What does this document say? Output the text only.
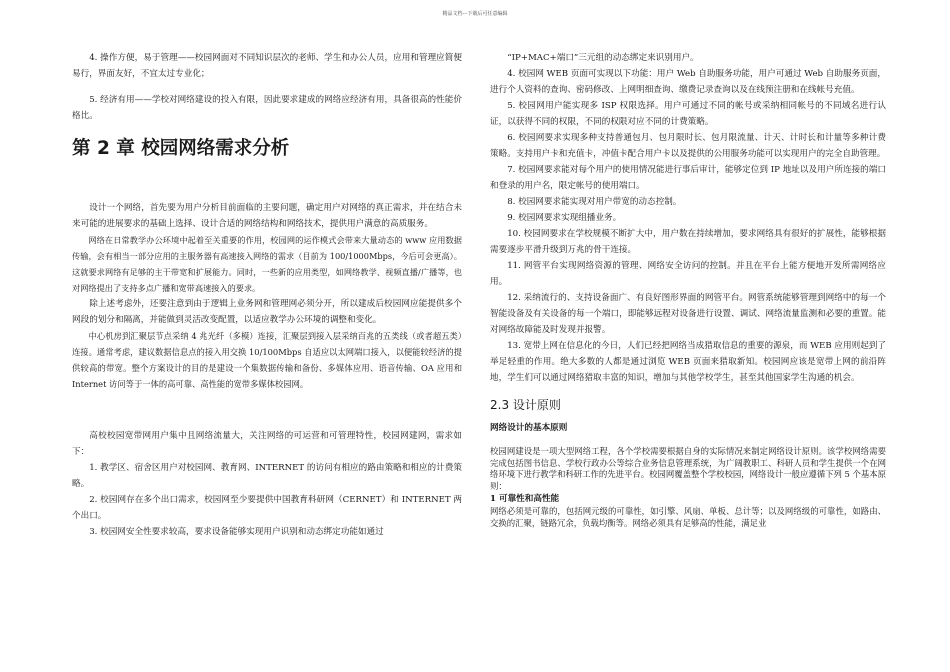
精品文档---下载后可任意编辑

4. 操作方便，易于管理——校园网面对不同知识层次的老师、学生和办公人员，应用和管理应简便易行，界面友好，不宜太过专业化；

5. 经济有用——学校对网络建设的投入有限，因此要求建成的网络应经济有用，具备很高的性能价格比。

第 2 章 校园网络需求分析

设计一个网络，首先要为用户分析目前面临的主要问题，确定用户对网络的真正需求，并在结合未来可能的进展要求的基础上选择、设计合适的网络结构和网络技术，提供用户满意的高质服务。

网络在日常教学办公环境中起着至关重要的作用，校园网的运作模式会带来大量动态的 www 应用数据传输，会有相当一部分应用的主服务器有高速接入网络的需求（目前为 100/1000Mbps，今后可会更高）。这就要求网络有足够的主干带宽和扩展能力。同时，一些新的应用类型，如网络教学、视频直播/广播等，也对网络提出了支持多点广播和宽带高速接入的要求。

除上述考虑外，还要注意到由于逻辑上业务网和管理网必须分开，所以建成后校园网应能提供多个网段的划分和隔离，并能做到灵活改变配置，以适应教学办公环境的调整和变化。

中心机房到汇聚层节点采纳 4 兆光纤（多模）连接，汇聚层到接入层采纳百兆的五类线（或者超五类）连接。通常考虑，建议数据信息点的接入用交换 10/100Mbps 自适应以太网端口接入，以便能较经济的提供较高的带宽。整个方案设计的目的是建设一个集数据传输和备份、多媒体应用、语音传输、OA 应用和 Internet 访问等于一体的高可靠、高性能的宽带多媒体校园网。

高校校园宽带网用户集中且网络流量大，关注网络的可运营和可管理特性，校园网建网，需求如下：

1. 教学区、宿舍区用户对校园网、教育网、INTERNET 的访问有相应的路由策略和相应的计费策略。

2. 校园网存在多个出口需求，校园网至少要提供中国教育科研网（CERNET）和 INTERNET 两个出口。

3. 校园网安全性要求较高，要求设备能够实现用户识别和动态绑定功能如通过

“IP+MAC+端口”三元组的动态绑定来识别用户。

4. 校园网 WEB 页面可实现以下功能：用户 Web 自助服务功能，用户可通过 Web 自助服务页面，进行个人资料的查询、密码修改、上网明细查询、缴费记录查询以及在线预注册和在线帐号充值。

5. 校园网用户能实现多 ISP 权限选择。用户可通过不同的帐号或采纳相同帐号的不同域名进行认证，以获得不同的权限，不同的权限对应不同的计费策略。

6. 校园网要求实现多种支持普通包月、包月限时长、包月限流量、计天、计时长和计量等多种计费策略。支持用户卡和充值卡，冲值卡配合用户卡以及提供的公用服务功能可以实现用户的完全自助管理。

7. 校园网要求能对每个用户的使用情况能进行事后审计，能够定位到 IP 地址以及用户所连接的端口和登录的用户名，限定帐号的使用端口。

8. 校园网要求能实现对用户带宽的动态控制。

9. 校园网要求实现组播业务。

10. 校园网要求在学校规模不断扩大中，用户数在持续增加，要求网络具有很好的扩展性，能够根据需要逐步平滑升级到万兆的骨干连接。

11. 网管平台实现网络资源的管理、网络安全访问的控制。并且在平台上能方便地开发所需网络应用。

12. 采纳流行的、支持设备面广、有良好图形界面的网管平台。网管系统能够管理到网络中的每一个智能设备及有关设备的每一个端口，即能够远程对设备进行设置、调试、网络流量监测和必要的重置。能对网络故障能及时发现并报警。

13. 宽带上网在信息化的今日，人们已经把网络当成猎取信息的重要的源泉，而 WEB 应用则起到了举足轻重的作用。绝大多数的人都是通过浏览 WEB 页面来猎取新知。校园网应该是宽带上网的前沿阵地，学生们可以通过网络猎取丰富的知识，增加与其他学校学生，甚至其他国家学生沟通的机会。

2.3 设计原则

网络设计的基本原则

校园网建设是一项大型网络工程，各个学校需要根据自身的实际情况来制定网络设计原则。该学校网络需要完成包括图书信息、学校行政办公等综合业务信息管理系统，为广阔教职工、科研人员和学生提供一个在网络环境下进行教学和科研工作的先进平台。校园网覆盖整个学校校园，网络设计一般应遵循下列 5 个基本原则：

1 可靠性和高性能

网络必须是可靠的，包括网元级的可靠性，如引擎、风扇、单板、总计等；以及网络级的可靠性，如路由、交换的汇聚，链路冗余，负载均衡等。网络必须具有足够高的性能，满足业
